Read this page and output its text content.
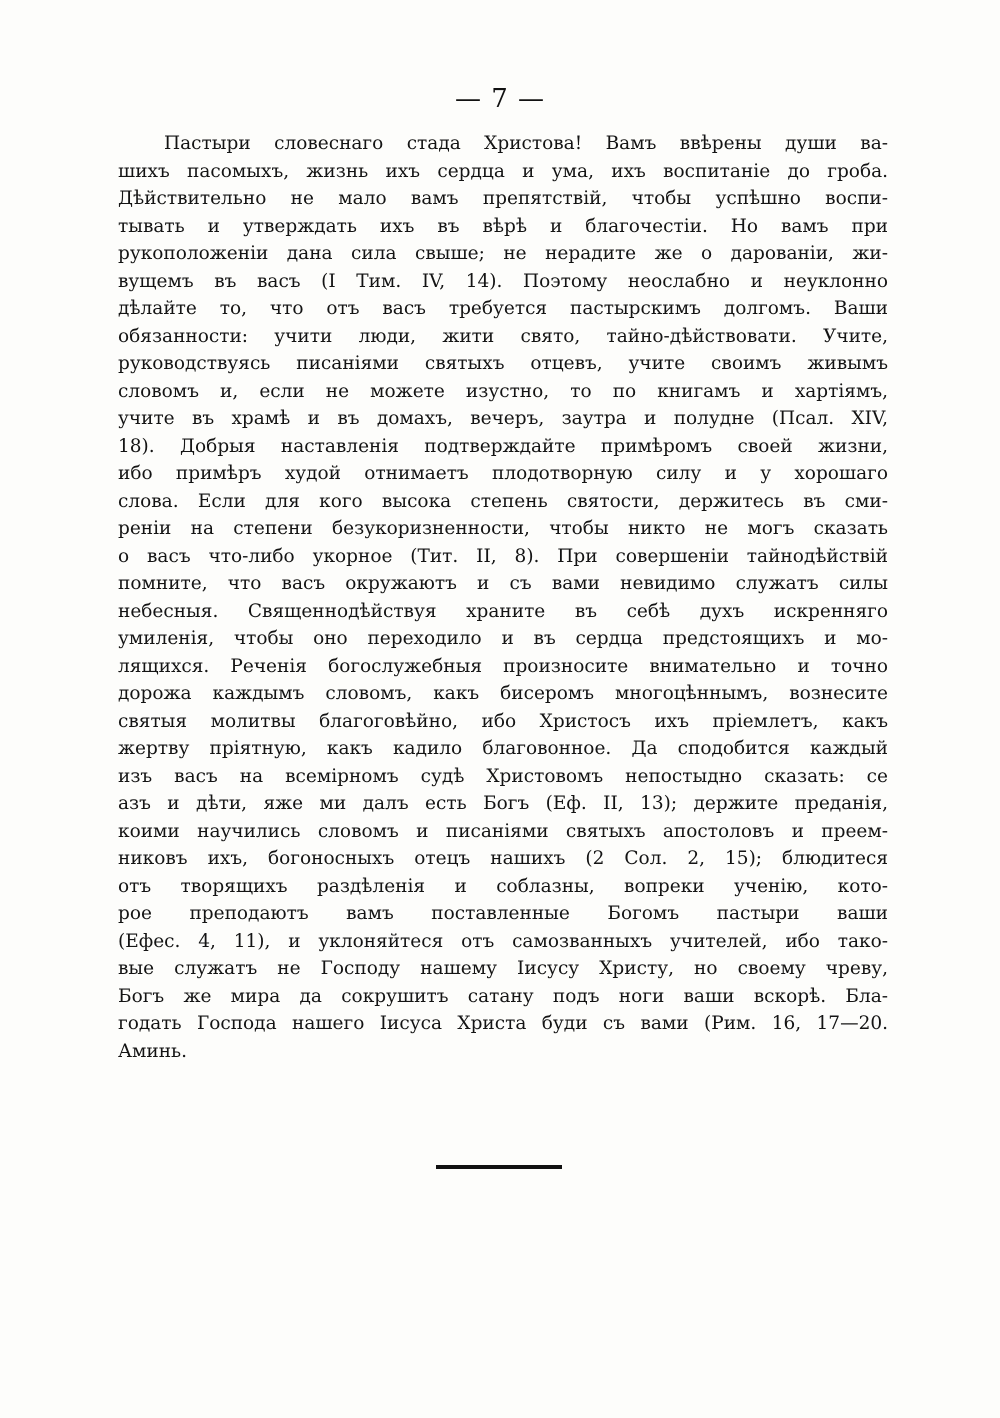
— 7 —
Пастыри словеснаго стада Христова! Вамъ ввѣрены души ва-
шихъ пасомыхъ, жизнь ихъ сердца и ума, ихъ воспитаніе до гроба.
Дѣйствительно не мало вамъ препятствій, чтобы успѣшно воспи-
тывать и утверждать ихъ въ вѣрѣ и благочестіи. Но вамъ при
рукоположеніи дана сила свыше; не нерадите же о дарованіи, жи-
вущемъ въ васъ (I Тим. IV, 14). Поэтому неослабно и неуклонно
дѣлайте то, что отъ васъ требуется пастырскимъ долгомъ. Ваши
обязанности: учити люди, жити свято, тайно-дѣйствовати. Учите,
руководствуясь писаніями святыхъ отцевъ, учите своимъ живымъ
словомъ и, если не можете изустно, то по книгамъ и хартіямъ,
учите въ храмѣ и въ домахъ, вечеръ, заутра и полудне (Псал. XIV,
18). Добрыя наставленія подтверждайте примѣромъ своей жизни,
ибо примѣръ худой отнимаетъ плодотворную силу и у хорошаго
слова. Если для кого высока степень святости, держитесь въ сми-
реніи на степени безукоризненности, чтобы никто не могъ сказать
о васъ что-либо укорное (Тит. II, 8). При совершеніи тайнодѣйствій
помните, что васъ окружаютъ и съ вами невидимо служатъ силы
небесныя. Священнодѣйствуя храните въ себѣ духъ искренняго
умиленія, чтобы оно переходило и въ сердца предстоящихъ и мо-
лящихся. Реченія богослужебныя произносите внимательно и точно
дорожа каждымъ словомъ, какъ бисеромъ многоцѣннымъ, вознесите
святыя молитвы благоговѣйно, ибо Христосъ ихъ пріемлетъ, какъ
жертву пріятную, какъ кадило благовонное. Да сподобится каждый
изъ васъ на всемірномъ судѣ Христовомъ непостыдно сказать: се
азъ и дѣти, яже ми далъ есть Богъ (Еф. II, 13); держите преданія,
коими научились словомъ и писаніями святыхъ апостоловъ и преем-
никовъ ихъ, богоносныхъ отецъ нашихъ (2 Сол. 2, 15); блюдитеся
отъ творящихъ раздѣленія и соблазны, вопреки ученію, кото-
рое преподаютъ вамъ поставленные Богомъ пастыри ваши
(Ефес. 4, 11), и уклоняйтеся отъ самозванныхъ учителей, ибо тако-
вые служатъ не Господу нашему Іисусу Христу, но своему чреву,
Богъ же мира да сокрушитъ сатану подъ ноги ваши вскорѣ. Бла-
годать Господа нашего Іисуса Христа буди съ вами (Рим. 16, 17—20.
Аминь.
